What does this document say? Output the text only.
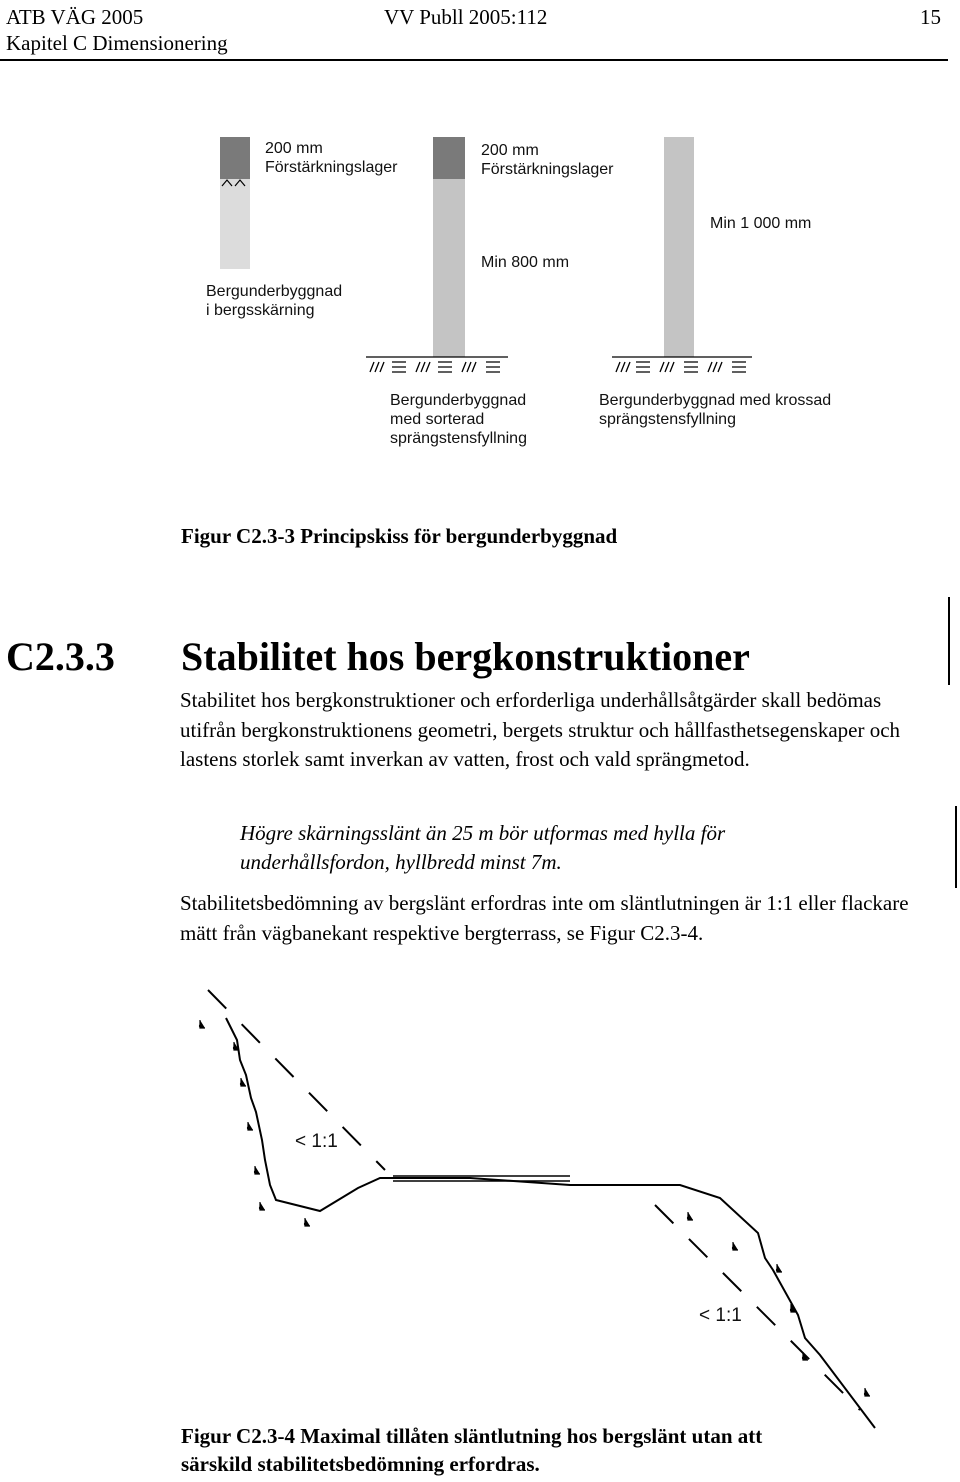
ATB VÄG 2005	VV Publl 2005:112	15
Kapitel C Dimensionering
200 mm
Förstärkningslager
200 mm
Förstärkningslager
Min 1 000 mm
Min 800 mm
Bergunderbyggnad
i bergsskärning
Bergunderbyggnad
med sorterad
sprängstensfyllning
Bergunderbyggnad med krossad
sprängstensfyllning
Figur C2.3-3 Principskiss för bergunderbyggnad
C2.3.3 Stabilitet hos bergkonstruktioner
Stabilitet hos bergkonstruktioner och erforderliga underhållsåtgärder skall bedömas utifrån bergkonstruktionens geometri, bergets struktur och hållfasthetsegenskaper och lastens storlek samt inverkan av vatten, frost och vald sprängmetod.
Högre skärningsslänt än 25 m bör utformas med hylla för
underhållsfordon, hyllbredd minst 7m.
Stabilitetsbedömning av bergslänt erfordras inte om släntlutningen är 1:1 eller flackare mätt från vägbanekant respektive bergterrass, se Figur C2.3-4.
< 1:1
< 1:1
Figur C2.3-4 Maximal tillåten släntlutning hos bergslänt utan att
särskild stabilitetsbedömning erfordras.
